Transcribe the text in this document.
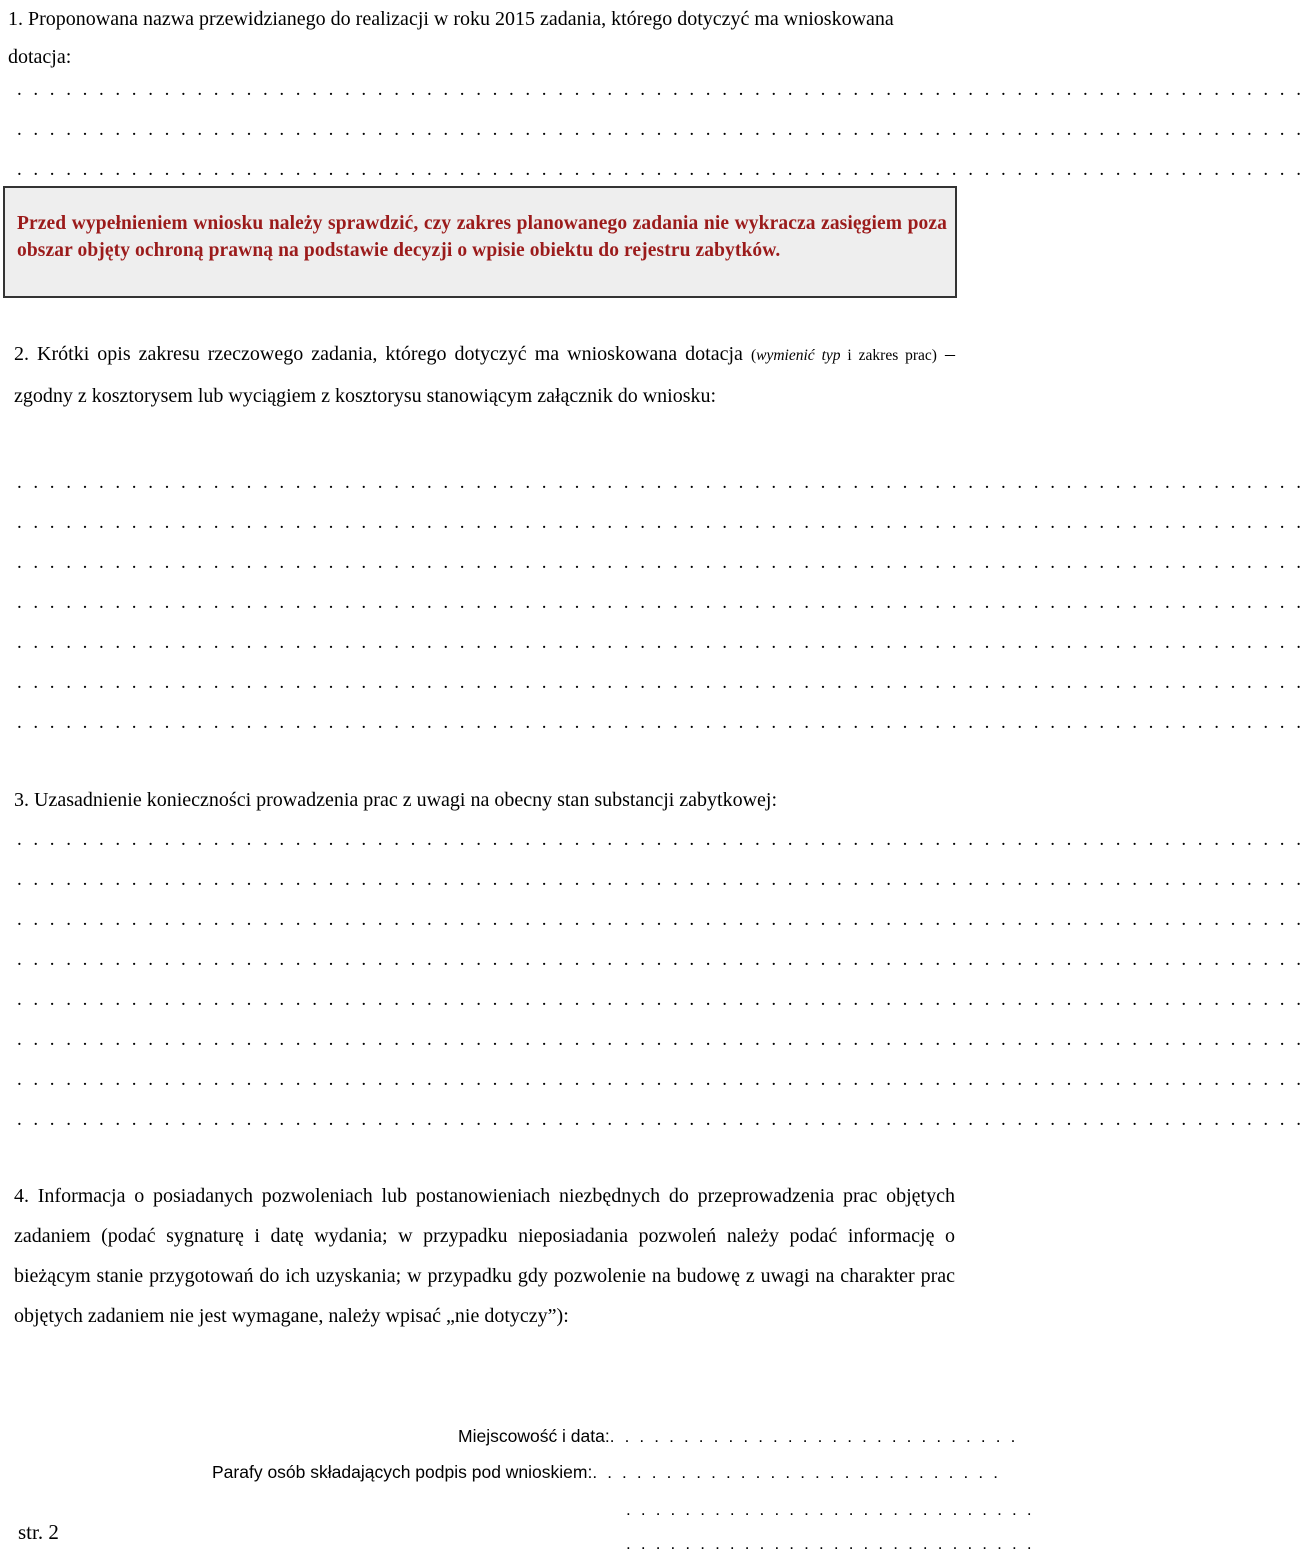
1. Proponowana nazwa przewidzianego do realizacji w roku 2015 zadania, którego dotyczyć ma wnioskowana dotacja:
. . . . . . . . . . . . . . . . . . . . . . . . . . . . . . . . . . . . . . . . . . . . . . . . . . . . . . . . . . . . . . . . . . . . . . . . . . . . . . .
. . . . . . . . . . . . . . . . . . . . . . . . . . . . . . . . . . . . . . . . . . . . . . . . . . . . . . . . . . . . . . . . . . . . . . . . . . . . . . .
. . . . . . . . . . . . . . . . . . . . . . . . . . . . . . . . . . . . . . . . . . . . . . . . . . . . . . . . . . . . . . . . . . . . . . . . . . . . . . .
Przed wypełnieniem wniosku należy sprawdzić, czy zakres planowanego zadania nie wykracza zasięgiem poza obszar objęty ochroną prawną na podstawie decyzji o wpisie obiektu do rejestru zabytków.
2. Krótki opis zakresu rzeczowego zadania, którego dotyczyć ma wnioskowana dotacja (wymienić typ i zakres prac) – zgodny z kosztorysem lub wyciągiem z kosztorysu stanowiącym załącznik do wniosku:
. . . . . . . . . . . . . . . . . . . . . . . . . . . . . . . . . . . . . . . . . . . . . . . . . . . . . . . . . . . . . . . . . . . . . . . . . . . . . . .
. . . . . . . . . . . . . . . . . . . . . . . . . . . . . . . . . . . . . . . . . . . . . . . . . . . . . . . . . . . . . . . . . . . . . . . . . . . . . . .
. . . . . . . . . . . . . . . . . . . . . . . . . . . . . . . . . . . . . . . . . . . . . . . . . . . . . . . . . . . . . . . . . . . . . . . . . . . . . . .
. . . . . . . . . . . . . . . . . . . . . . . . . . . . . . . . . . . . . . . . . . . . . . . . . . . . . . . . . . . . . . . . . . . . . . . . . . . . . . .
. . . . . . . . . . . . . . . . . . . . . . . . . . . . . . . . . . . . . . . . . . . . . . . . . . . . . . . . . . . . . . . . . . . . . . . . . . . . . . .
. . . . . . . . . . . . . . . . . . . . . . . . . . . . . . . . . . . . . . . . . . . . . . . . . . . . . . . . . . . . . . . . . . . . . . . . . . . . . . .
. . . . . . . . . . . . . . . . . . . . . . . . . . . . . . . . . . . . . . . . . . . . . . . . . . . . . . . . . . . . . . . . . . . . . . . . . . . . . . .
3. Uzasadnienie konieczności prowadzenia prac z uwagi na obecny stan substancji zabytkowej:
. . . . . . . . . . . . . . . . . . . . . . . . . . . . . . . . . . . . . . . . . . . . . . . . . . . . . . . . . . . . . . . . . . . . . . . . . . . . . . .
. . . . . . . . . . . . . . . . . . . . . . . . . . . . . . . . . . . . . . . . . . . . . . . . . . . . . . . . . . . . . . . . . . . . . . . . . . . . . . .
. . . . . . . . . . . . . . . . . . . . . . . . . . . . . . . . . . . . . . . . . . . . . . . . . . . . . . . . . . . . . . . . . . . . . . . . . . . . . . .
. . . . . . . . . . . . . . . . . . . . . . . . . . . . . . . . . . . . . . . . . . . . . . . . . . . . . . . . . . . . . . . . . . . . . . . . . . . . . . .
. . . . . . . . . . . . . . . . . . . . . . . . . . . . . . . . . . . . . . . . . . . . . . . . . . . . . . . . . . . . . . . . . . . . . . . . . . . . . . .
. . . . . . . . . . . . . . . . . . . . . . . . . . . . . . . . . . . . . . . . . . . . . . . . . . . . . . . . . . . . . . . . . . . . . . . . . . . . . . .
. . . . . . . . . . . . . . . . . . . . . . . . . . . . . . . . . . . . . . . . . . . . . . . . . . . . . . . . . . . . . . . . . . . . . . . . . . . . . . .
. . . . . . . . . . . . . . . . . . . . . . . . . . . . . . . . . . . . . . . . . . . . . . . . . . . . . . . . . . . . . . . . . . . . . . . . . . . . . . .
4. Informacja o posiadanych pozwoleniach lub postanowieniach niezbędnych do przeprowadzenia prac objętych zadaniem (podać sygnaturę i datę wydania; w przypadku nieposiadania pozwoleń należy podać informację o bieżącym stanie przygotowań do ich uzyskania; w przypadku gdy pozwolenie na budowę z uwagi na charakter prac objętych zadaniem nie jest wymagane, należy wpisać „nie dotyczy”):
Miejscowość i data:. . . . . . . . . . . . . . . . . . . . . . . . . . . .
Parafy osób składających podpis pod wnioskiem:. . . . . . . . . . . . . . . . . . . . . . . . . . . .
. . . . . . . . . . . . . . . . . . . . . . . . . . . .
. . . . . . . . . . . . . . . . . . . . . . . . . . . .
str. 2
